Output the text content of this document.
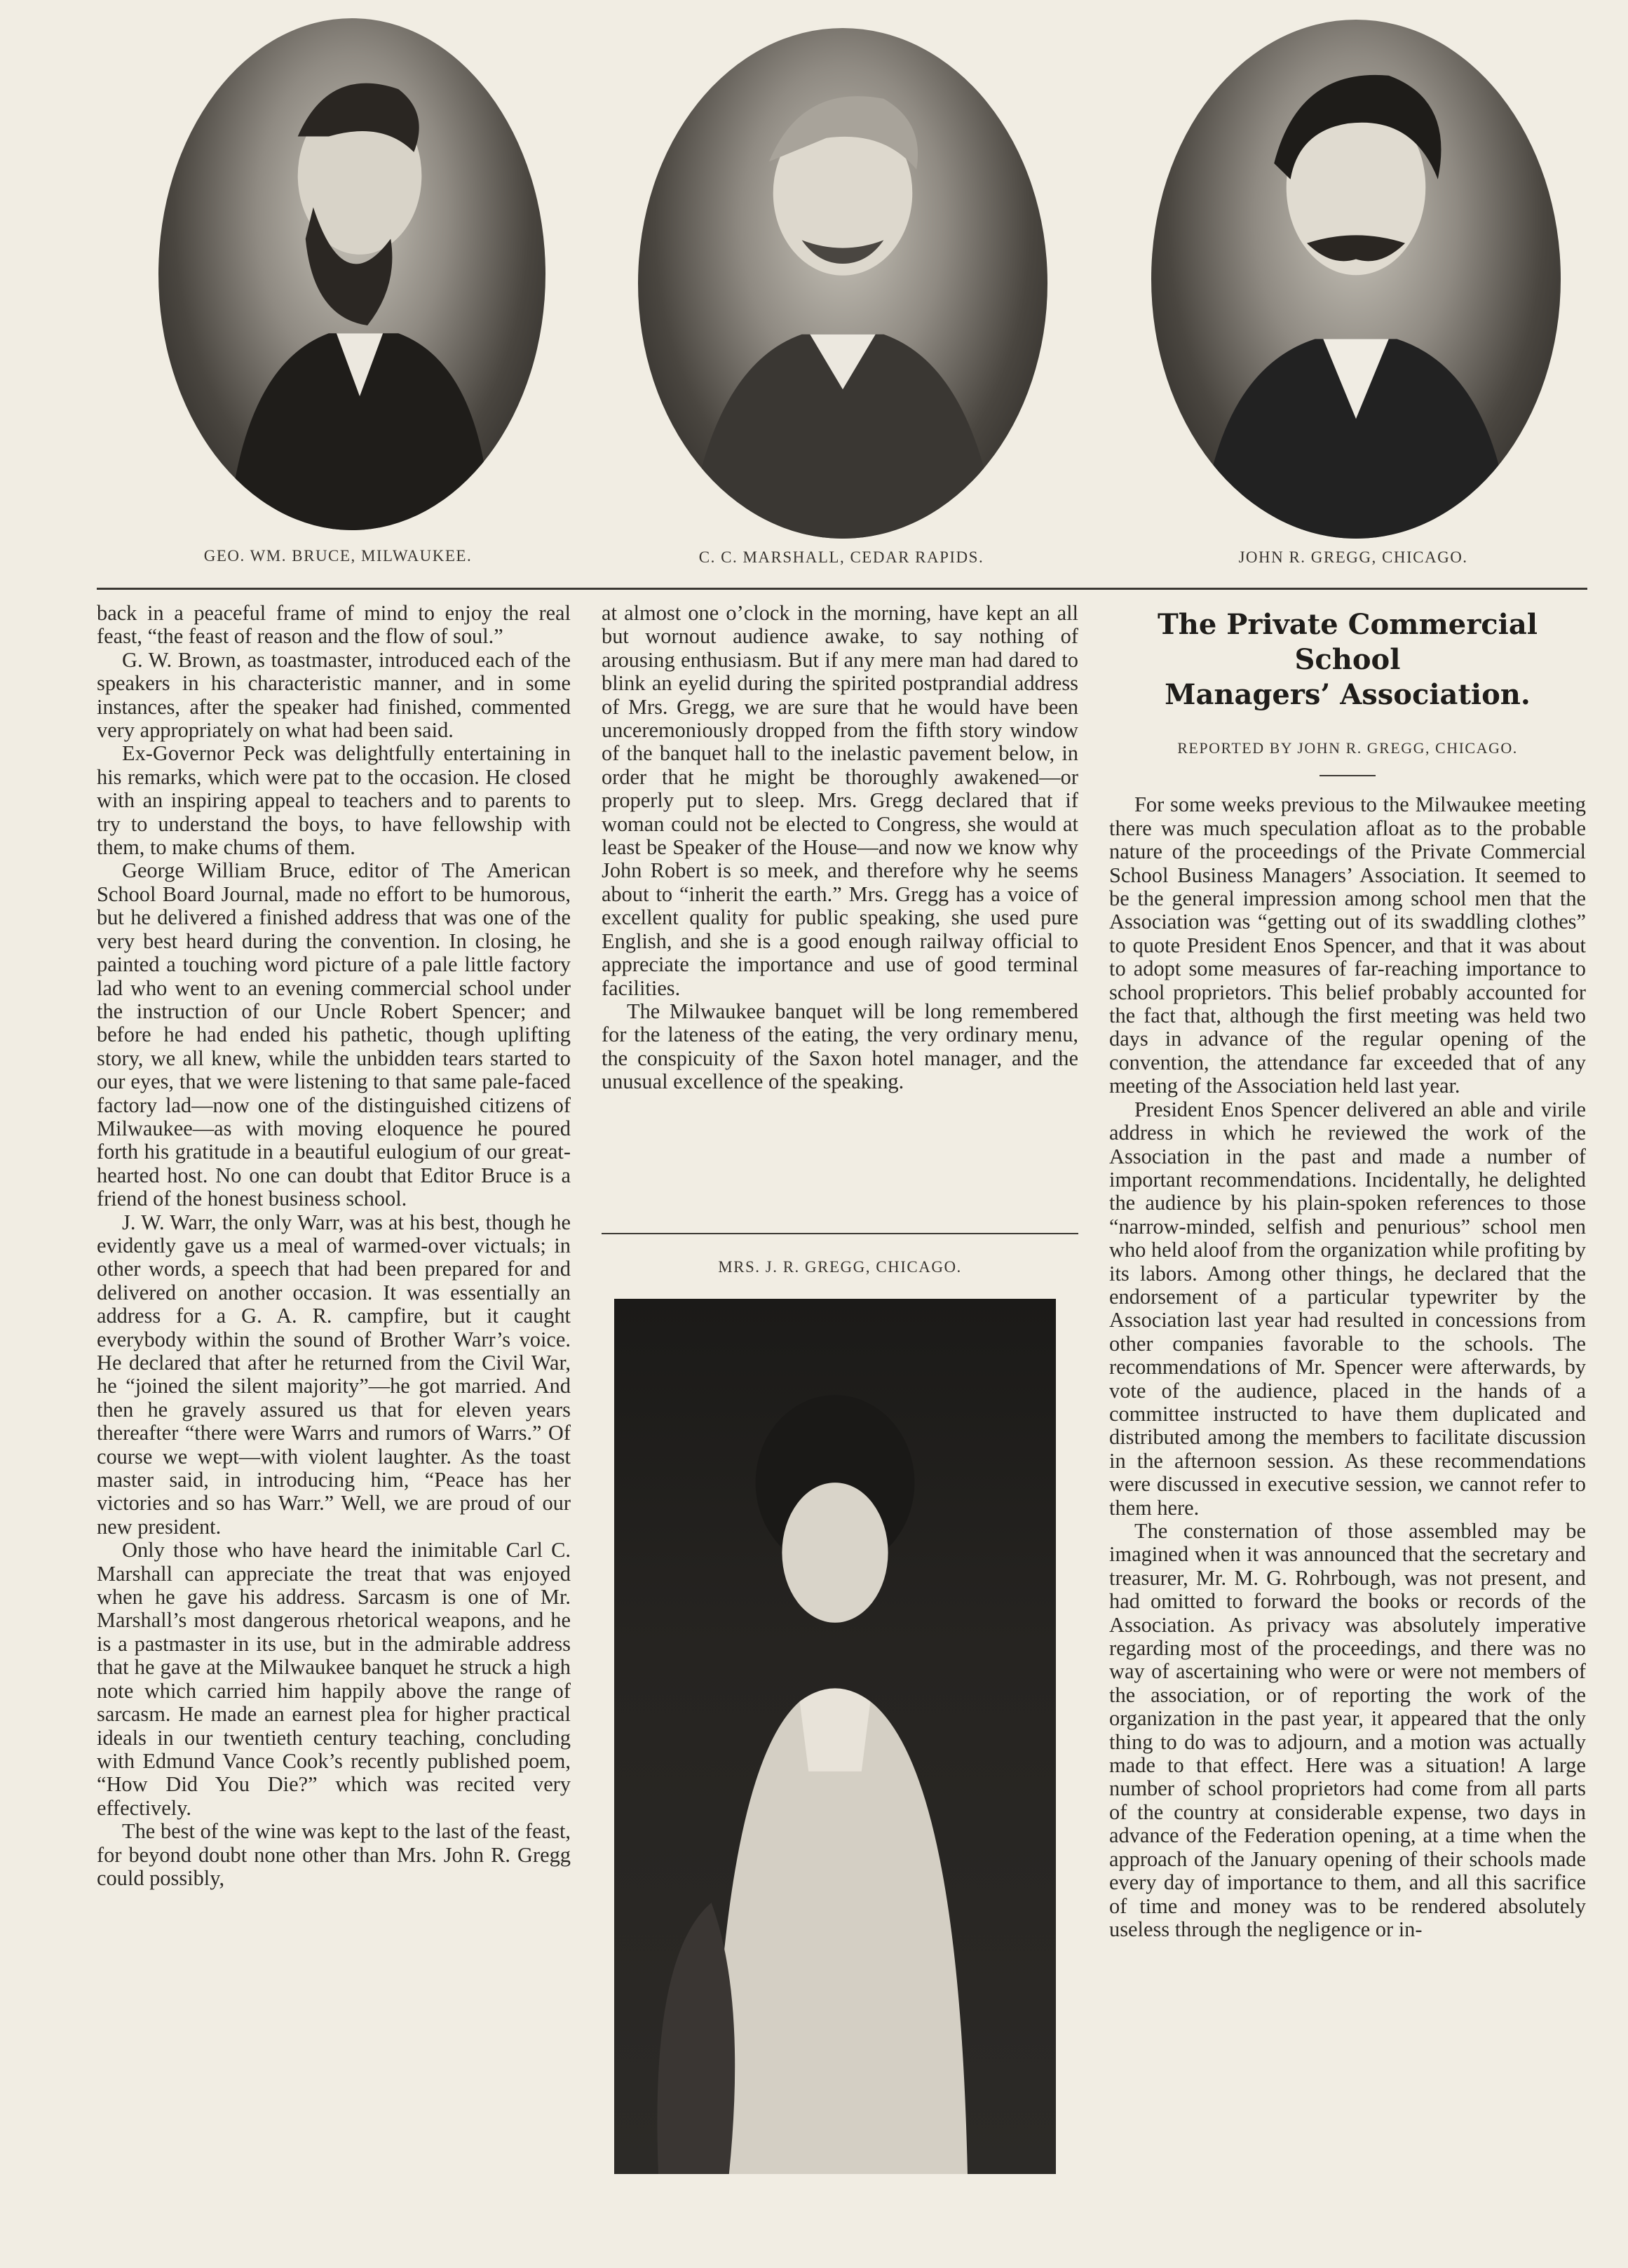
GEO. WM. BRUCE, MILWAUKEE.	C. C. MARSHALL, CEDAR RAPIDS.	JOHN R. GREGG, CHICAGO.

back in a peaceful frame of mind to enjoy the real feast, “the feast of reason and the flow of soul.”

G. W. Brown, as toastmaster, introduced each of the speakers in his characteristic manner, and in some instances, after the speaker had finished, commented very appropriately on what had been said.

Ex-Governor Peck was delightfully entertaining in his remarks, which were pat to the occasion. He closed with an inspiring appeal to teachers and to parents to try to understand the boys, to have fellowship with them, to make chums of them.

George William Bruce, editor of The American School Board Journal, made no effort to be humorous, but he delivered a finished address that was one of the very best heard during the convention. In closing, he painted a touching word picture of a pale little factory lad who went to an evening commercial school under the instruction of our Uncle Robert Spencer; and before he had ended his pathetic, though uplifting story, we all knew, while the unbidden tears started to our eyes, that we were listening to that same pale-faced factory lad—now one of the distinguished citizens of Milwaukee—as with moving eloquence he poured forth his gratitude in a beautiful eulogium of our great-hearted host. No one can doubt that Editor Bruce is a friend of the honest business school.

J. W. Warr, the only Warr, was at his best, though he evidently gave us a meal of warmed-over victuals; in other words, a speech that had been prepared for and delivered on another occasion. It was essentially an address for a G. A. R. campfire, but it caught everybody within the sound of Brother Warr’s voice. He declared that after he returned from the Civil War, he “joined the silent majority”—he got married. And then he gravely assured us that for eleven years thereafter “there were Warrs and rumors of Warrs.” Of course we wept—with violent laughter. As the toast master said, in introducing him, “Peace has her victories and so has Warr.” Well, we are proud of our new president.

Only those who have heard the inimitable Carl C. Marshall can appreciate the treat that was enjoyed when he gave his address. Sarcasm is one of Mr. Marshall’s most dangerous rhetorical weapons, and he is a pastmaster in its use, but in the admirable address that he gave at the Milwaukee banquet he struck a high note which carried him happily above the range of sarcasm. He made an earnest plea for higher practical ideals in our twentieth century teaching, concluding with Edmund Vance Cook’s recently published poem, “How Did You Die?” which was recited very effectively.

The best of the wine was kept to the last of the feast, for beyond doubt none other than Mrs. John R. Gregg could possibly,

at almost one o’clock in the morning, have kept an all but wornout audience awake, to say nothing of arousing enthusiasm. But if any mere man had dared to blink an eyelid during the spirited postprandial address of Mrs. Gregg, we are sure that he would have been unceremoniously dropped from the fifth story window of the banquet hall to the inelastic pavement below, in order that he might be thoroughly awakened—or properly put to sleep. Mrs. Gregg declared that if woman could not be elected to Congress, she would at least be Speaker of the House—and now we know why John Robert is so meek, and therefore why he seems about to “inherit the earth.” Mrs. Gregg has a voice of excellent quality for public speaking, she used pure English, and she is a good enough railway official to appreciate the importance and use of good terminal facilities.

The Milwaukee banquet will be long remembered for the lateness of the eating, the very ordinary menu, the conspicuity of the Saxon hotel manager, and the unusual excellence of the speaking.

MRS. J. R. GREGG, CHICAGO.
The Private Commercial School
Managers’ Association.
REPORTED BY JOHN R. GREGG, CHICAGO.

For some weeks previous to the Milwaukee meeting there was much speculation afloat as to the probable nature of the proceedings of the Private Commercial School Business Managers’ Association. It seemed to be the general impression among school men that the Association was “getting out of its swaddling clothes” to quote President Enos Spencer, and that it was about to adopt some measures of far-reaching importance to school proprietors. This belief probably accounted for the fact that, although the first meeting was held two days in advance of the regular opening of the convention, the attendance far exceeded that of any meeting of the Association held last year.

President Enos Spencer delivered an able and virile address in which he reviewed the work of the Association in the past and made a number of important recommendations. Incidentally, he delighted the audience by his plain-spoken references to those “narrow-minded, selfish and penurious” school men who held aloof from the organization while profiting by its labors. Among other things, he declared that the endorsement of a particular typewriter by the Association last year had resulted in concessions from other companies favorable to the schools. The recommendations of Mr. Spencer were afterwards, by vote of the audience, placed in the hands of a committee instructed to have them duplicated and distributed among the members to facilitate discussion in the afternoon session. As these recommendations were discussed in executive session, we cannot refer to them here.

The consternation of those assembled may be imagined when it was announced that the secretary and treasurer, Mr. M. G. Rohrbough, was not present, and had omitted to forward the books or records of the Association. As privacy was absolutely imperative regarding most of the proceedings, and there was no way of ascertaining who were or were not members of the association, or of reporting the work of the organization in the past year, it appeared that the only thing to do was to adjourn, and a motion was actually made to that effect. Here was a situation! A large number of school proprietors had come from all parts of the country at considerable expense, two days in advance of the Federation opening, at a time when the approach of the January opening of their schools made every day of importance to them, and all this sacrifice of time and money was to be rendered absolutely useless through the negligence or in-
